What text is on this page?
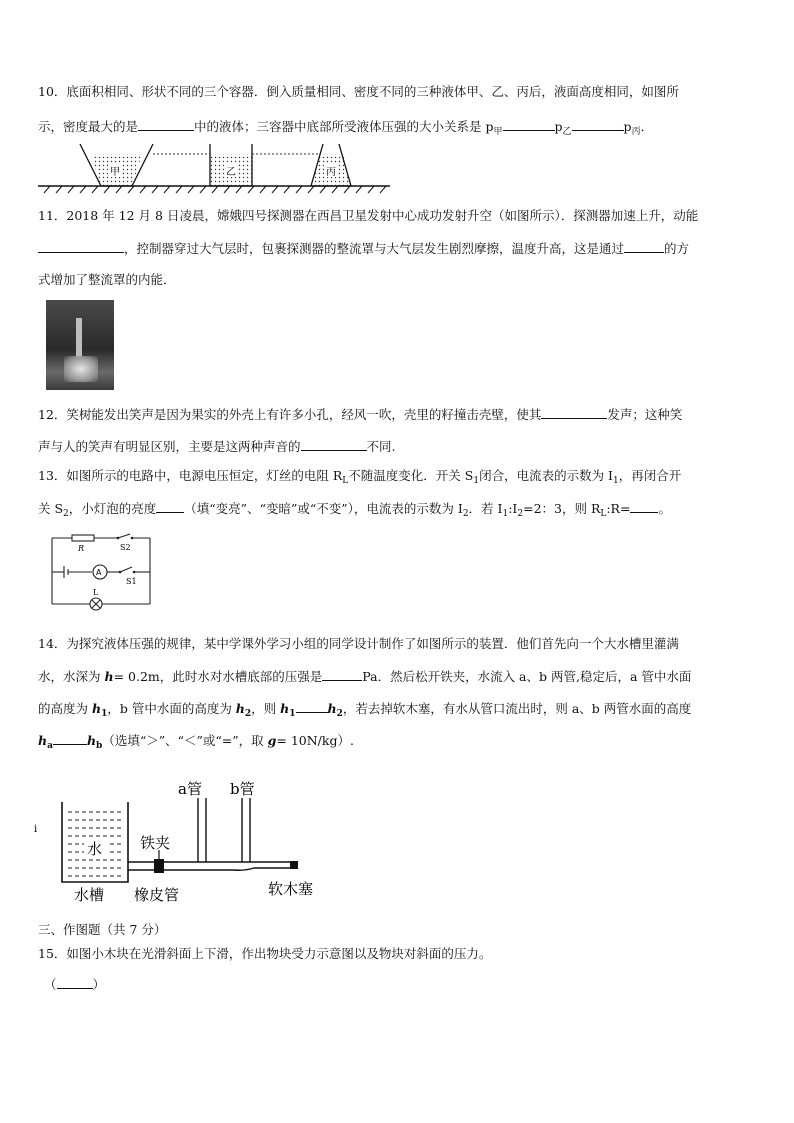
10．底面积相同、形状不同的三个容器．倒入质量相同、密度不同的三种液体甲、乙、丙后，液面高度相同，如图所
示，密度最大的是	中的液体；三容器中底部所受液体压强的大小关系是 $p_甲$	$p_乙$	$p_丙$．
甲	乙	丙
11．2018 年 12 月 8 日凌晨，嫦娥四号探测器在西昌卫星发射中心成功发射升空（如图所示）．探测器加速上升，动能
，控制器穿过大气层时，包裹探测器的整流罩与大气层发生剧烈摩擦，温度升高，这是通过	的方
式增加了整流罩的内能．
12．笑树能发出笑声是因为果实的外壳上有许多小孔，经风一吹，壳里的籽撞击壳壁，使其	发声；这种笑
声与人的笑声有明显区别，主要是这两种声音的	不同.
13．如图所示的电路中，电源电压恒定，灯丝的电阻 $R_L$不随温度变化．开关 $S_1$闭合，电流表的示数为 $I_1$，再闭合开
关 $S_2$，小灯泡的亮度 （填“变亮”、“变暗”或“不变”），电流表的示数为 $I_2$．若 $I_1:I_2=2$：3，则 $R_L:R=$ 。
R	S2
S1
A
L
14．为探究液体压强的规律，某中学课外学习小组的同学设计制作了如图所示的装置．他们首先向一个大水槽里灌满
水，水深为 h= 0.2m，此时水对水槽底部的压强是	Pa．然后松开铁夹，水流入 a、b 两管,稳定后，a 管中水面
的高度为 $h_1$，b 管中水面的高度为 $h_2$，则 $h_1$	$h_2$，若去掉软木塞，有水从管口流出时，则 a、b 两管水面的高度
$h_a$	$h_b$（选填“＞”、“＜”或“=”，取 g= 10N/kg）.
i
a管 b管
水
水槽
铁夹
橡皮管	软木塞
三、作图题（共 7 分）
15．如图小木块在光滑斜面上下滑，作出物块受力示意图以及物块对斜面的压力。
（	）
